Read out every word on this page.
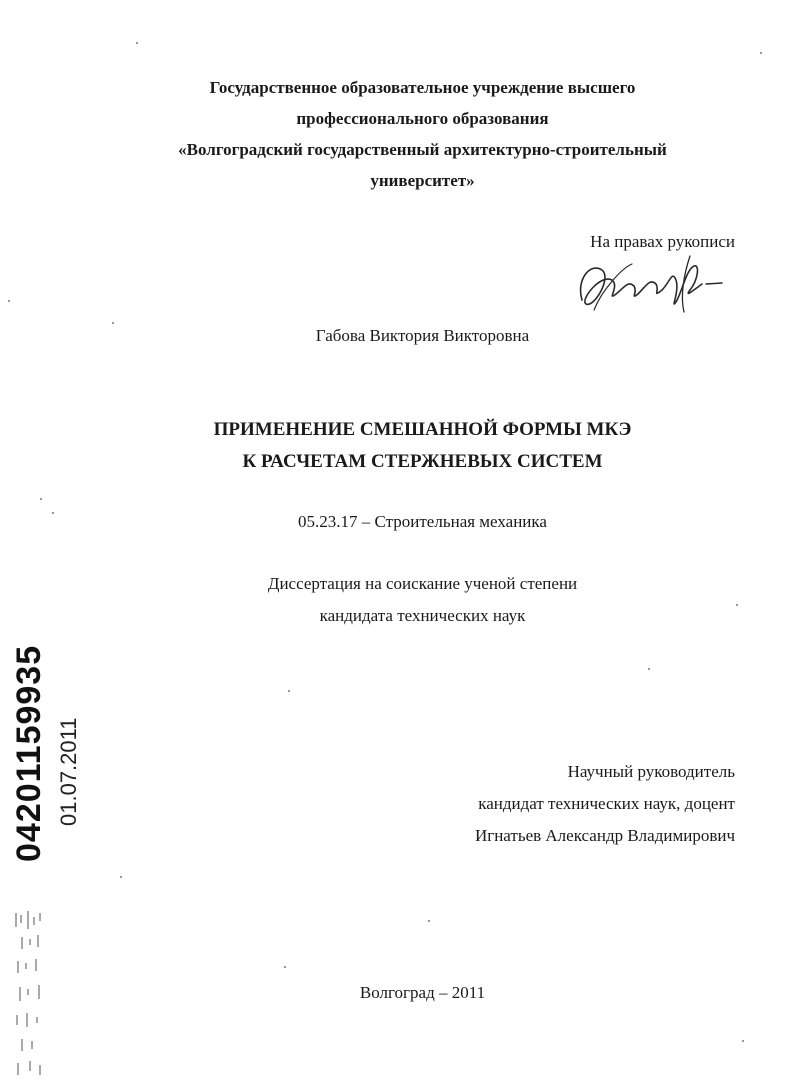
Государственное образовательное учреждение высшего
профессионального образования
«Волгоградский государственный архитектурно-строительный
университет»
На правах рукописи
Габова Виктория Викторовна
ПРИМЕНЕНИЕ СМЕШАННОЙ ФОРМЫ МКЭ
К РАСЧЕТАМ СТЕРЖНЕВЫХ СИСТЕМ
05.23.17 – Строительная механика
Диссертация на соискание ученой степени
кандидата технических наук
Научный руководитель
кандидат технических наук, доцент
Игнатьев Александр Владимирович
Волгоград – 2011
04201159935 01.07.2011
